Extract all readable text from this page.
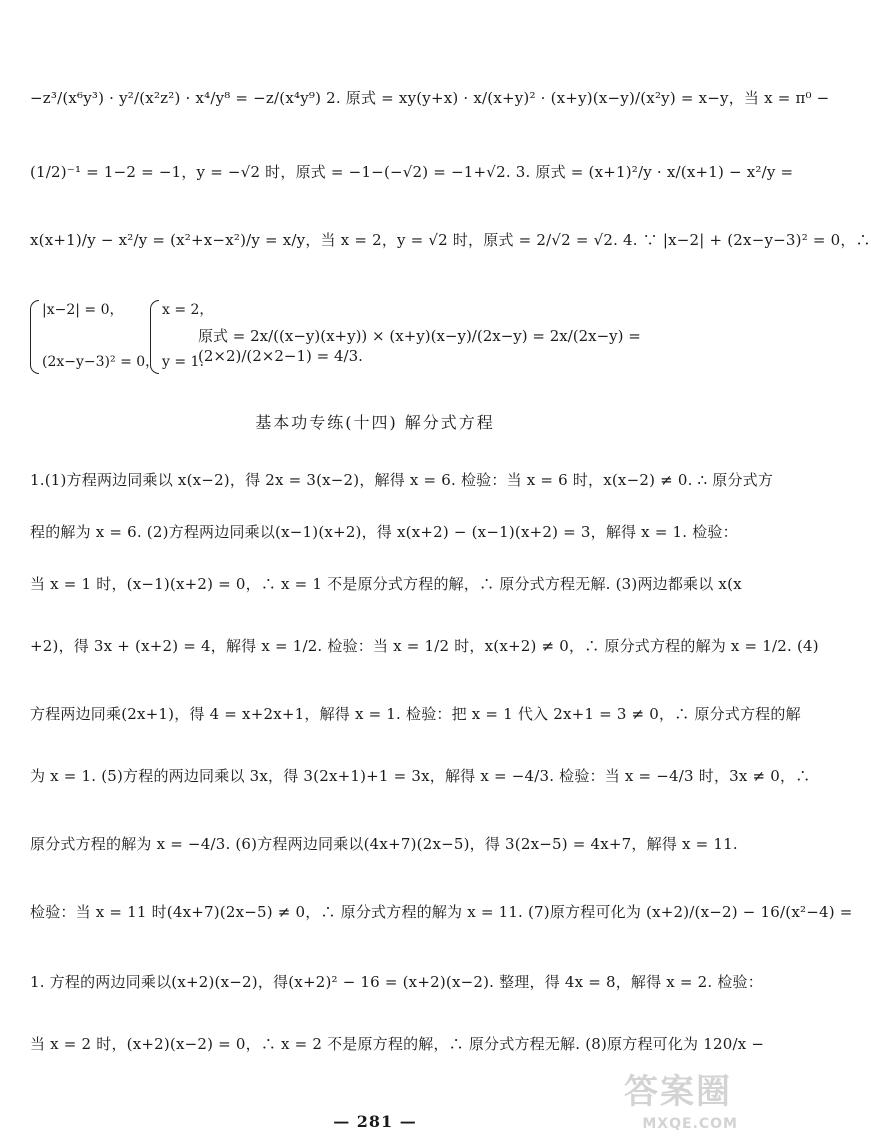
−z³/(x⁶y³) · y²/(x²z²) · x⁴/y⁸ = −z/(x⁴y⁹) 2. 原式 = xy(y+x) · x/(x+y)² · (x+y)(x−y)/(x²y) = x−y，当 x = π⁰ −
(1/2)⁻¹ = 1−2 = −1，y = −√2 时，原式 = −1−(−√2) = −1+√2. 3. 原式 = (x+1)²/y · x/(x+1) − x²/y =
x(x+1)/y − x²/y = (x²+x−x²)/y = x/y，当 x = 2，y = √2 时，原式 = 2/√2 = √2. 4. ∵ |x−2| + (2x−y−3)² = 0，∴
|x−2| = 0，
(2x−y−3)² = 0，
x = 2，
y = 1.
原式 = 2x/((x−y)(x+y)) × (x+y)(x−y)/(2x−y) = 2x/(2x−y) = (2×2)/(2×2−1) = 4/3.
基本功专练(十四) 解分式方程
1.(1)方程两边同乘以 x(x−2)，得 2x = 3(x−2)，解得 x = 6. 检验：当 x = 6 时，x(x−2) ≠ 0. ∴ 原分式方
程的解为 x = 6. (2)方程两边同乘以(x−1)(x+2)，得 x(x+2) − (x−1)(x+2) = 3，解得 x = 1. 检验：
当 x = 1 时，(x−1)(x+2) = 0，∴ x = 1 不是原分式方程的解，∴ 原分式方程无解. (3)两边都乘以 x(x
+2)，得 3x + (x+2) = 4，解得 x = 1/2. 检验：当 x = 1/2 时，x(x+2) ≠ 0，∴ 原分式方程的解为 x = 1/2. (4)
方程两边同乘(2x+1)，得 4 = x+2x+1，解得 x = 1. 检验：把 x = 1 代入 2x+1 = 3 ≠ 0，∴ 原分式方程的解
为 x = 1. (5)方程的两边同乘以 3x，得 3(2x+1)+1 = 3x，解得 x = −4/3. 检验：当 x = −4/3 时，3x ≠ 0，∴
原分式方程的解为 x = −4/3. (6)方程两边同乘以(4x+7)(2x−5)，得 3(2x−5) = 4x+7，解得 x = 11.
检验：当 x = 11 时(4x+7)(2x−5) ≠ 0，∴ 原分式方程的解为 x = 11. (7)原方程可化为 (x+2)/(x−2) − 16/(x²−4) =
1. 方程的两边同乘以(x+2)(x−2)，得(x+2)² − 16 = (x+2)(x−2). 整理，得 4x = 8，解得 x = 2. 检验：
当 x = 2 时，(x+2)(x−2) = 0，∴ x = 2 不是原方程的解，∴ 原分式方程无解. (8)原方程可化为 120/x −
— 281 —
答案圈
MXQE.COM
